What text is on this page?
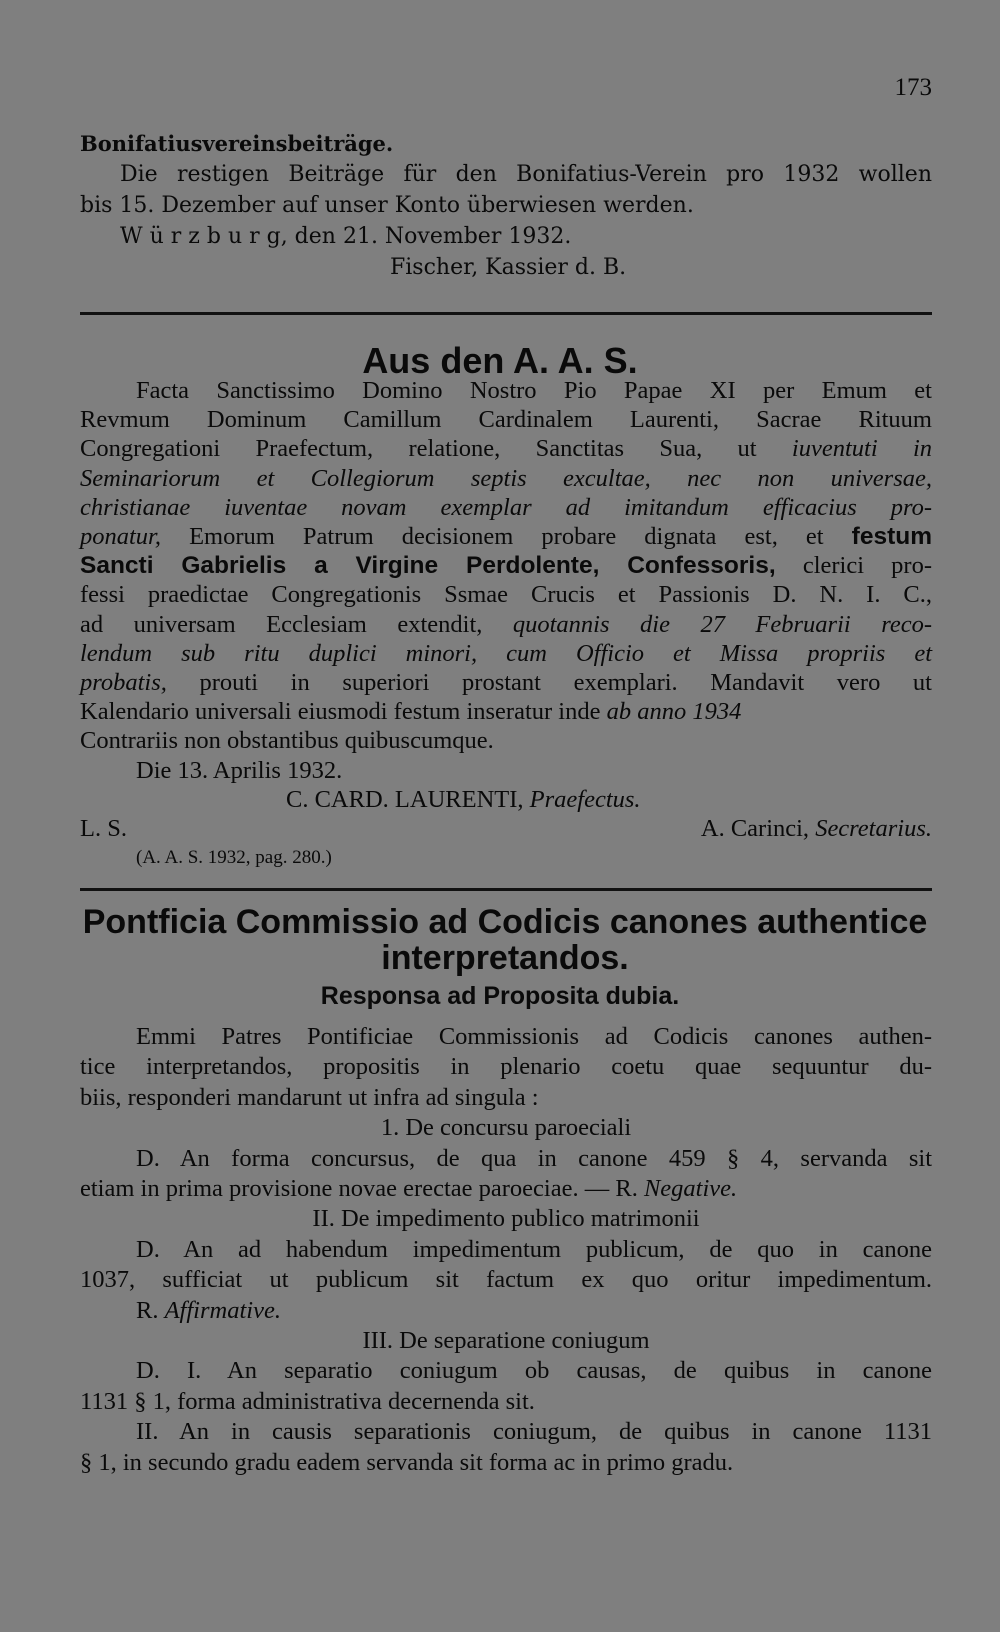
173
Bonifatiusvereinsbeiträge.
Die restigen Beiträge für den Bonifatius-Verein pro 1932 wollen
bis 15. Dezember auf unser Konto überwiesen werden.
W ü r z b u r g, den 21. November 1932.
Fischer, Kassier d. B.
Aus den A. A. S.
Facta Sanctissimo Domino Nostro Pio Papae XI per Emum et
Revmum Dominum Camillum Cardinalem Laurenti, Sacrae Rituum
Congregationi Praefectum, relatione, Sanctitas Sua, ut iuventuti in
Seminariorum et Collegiorum septis excultae, nec non universae,
christianae iuventae novam exemplar ad imitandum efficacius pro-
ponatur, Emorum Patrum decisionem probare dignata est, et festum
Sancti Gabrielis a Virgine Perdolente, Confessoris, clerici pro-
fessi praedictae Congregationis Ssmae Crucis et Passionis D. N. I. C.,
ad universam Ecclesiam extendit, quotannis die 27 Februarii reco-
lendum sub ritu duplici minori, cum Officio et Missa propriis et
probatis, prouti in superiori prostant exemplari. Mandavit vero ut
Kalendario universali eiusmodi festum inseratur inde ab anno 1934
Contrariis non obstantibus quibuscumque.
Die 13. Aprilis 1932.
C. CARD. LAURENTI, Praefectus.
L. S.	A. Carinci, Secretarius.
(A. A. S. 1932, pag. 280.)
Pontficia Commissio ad Codicis canones authentice
interpretandos.
Responsa ad Proposita dubia.
Emmi Patres Pontificiae Commissionis ad Codicis canones authen-
tice interpretandos, propositis in plenario coetu quae sequuntur du-
biis, responderi mandarunt ut infra ad singula :
1. De concursu paroeciali
D. An forma concursus, de qua in canone 459 § 4, servanda sit
etiam in prima provisione novae erectae paroeciae. — R. Negative.
II. De impedimento publico matrimonii
D. An ad habendum impedimentum publicum, de quo in canone
1037, sufficiat ut publicum sit factum ex quo oritur impedimentum.
R. Affirmative.
III. De separatione coniugum
D. I. An separatio coniugum ob causas, de quibus in canone
1131 § 1, forma administrativa decernenda sit.
II. An in causis separationis coniugum, de quibus in canone 1131
§ 1, in secundo gradu eadem servanda sit forma ac in primo gradu.
